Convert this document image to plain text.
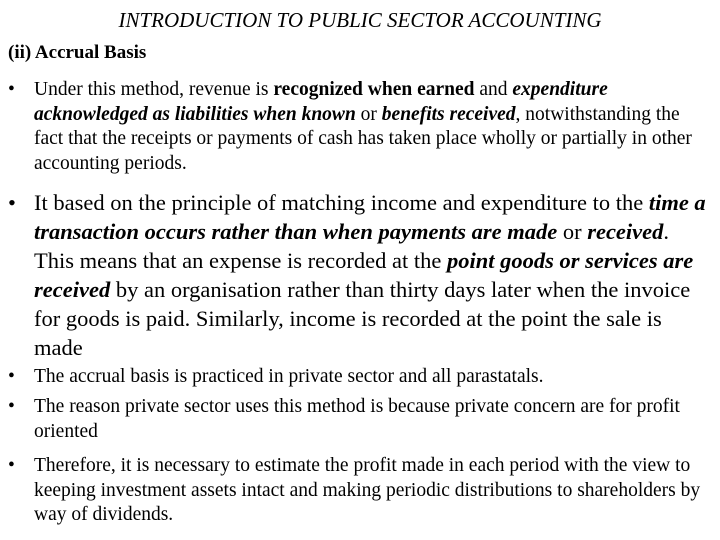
INTRODUCTION TO PUBLIC SECTOR ACCOUNTING
(ii) Accrual Basis
• Under this method, revenue is recognized when earned and expenditure acknowledged as liabilities when known or benefits received, notwithstanding the fact that the receipts or payments of cash has taken place wholly or partially in other accounting periods.
• It based on the principle of matching income and expenditure to the time a transaction occurs rather than when payments are made or received. This means that an expense is recorded at the point goods or services are received by an organisation rather than thirty days later when the invoice for goods is paid. Similarly, income is recorded at the point the sale is made
• The accrual basis is practiced in private sector and all parastatals.
• The reason private sector uses this method is because private concern are for profit oriented
• Therefore, it is necessary to estimate the profit made in each period with the view to keeping investment assets intact and making periodic distributions to shareholders by way of dividends.
